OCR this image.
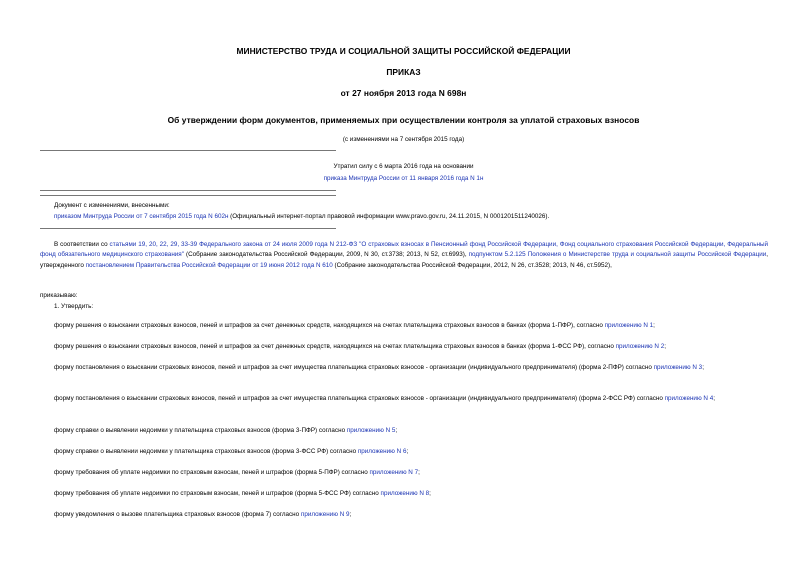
МИНИСТЕРСТВО ТРУДА И СОЦИАЛЬНОЙ ЗАЩИТЫ РОССИЙСКОЙ ФЕДЕРАЦИИ
ПРИКАЗ
от 27 ноября 2013 года N 698н
Об утверждении форм документов, применяемых при осуществлении контроля за уплатой страховых взносов
(с изменениями на 7 сентября 2015 года)
Утратил силу с 6 марта 2016 года на основании
приказа Минтруда России от 11 января 2016 года N 1н
Документ с изменениями, внесенными:
приказом Минтруда России от 7 сентября 2015 года N 602н (Официальный интернет-портал правовой информации www.pravo.gov.ru, 24.11.2015, N 0001201511240026).
В соответствии со статьями 19, 20, 22, 29, 33-39 Федерального закона от 24 июля 2009 года N 212-ФЗ "О страховых взносах в Пенсионный фонд Российской Федерации, Фонд социального страхования Российской Федерации, Федеральный фонд обязательного медицинского страхования" (Собрание законодательства Российской Федерации, 2009, N 30, ст.3738; 2013, N 52, ст.6993), подпунктом 5.2.125 Положения о Министерстве труда и социальной защиты Российской Федерации, утвержденного постановлением Правительства Российской Федерации от 19 июня 2012 года N 610 (Собрание законодательства Российской Федерации, 2012, N 26, ст.3528; 2013, N 46, ст.5952),
приказываю:
1. Утвердить:
форму решения о взыскании страховых взносов, пеней и штрафов за счет денежных средств, находящихся на счетах плательщика страховых взносов в банках (форма 1-ПФР), согласно приложению N 1;
форму решения о взыскании страховых взносов, пеней и штрафов за счет денежных средств, находящихся на счетах плательщика страховых взносов в банках (форма 1-ФСС РФ), согласно приложению N 2;
форму постановления о взыскании страховых взносов, пеней и штрафов за счет имущества плательщика страховых взносов - организации (индивидуального предпринимателя) (форма 2-ПФР) согласно приложению N 3;
форму постановления о взыскании страховых взносов, пеней и штрафов за счет имущества плательщика страховых взносов - организации (индивидуального предпринимателя) (форма 2-ФСС РФ) согласно приложению N 4;
форму справки о выявлении недоимки у плательщика страховых взносов (форма 3-ПФР) согласно приложению N 5;
форму справки о выявлении недоимки у плательщика страховых взносов (форма 3-ФСС РФ) согласно приложению N 6;
форму требования об уплате недоимки по страховым взносам, пеней и штрафов (форма 5-ПФР) согласно приложению N 7;
форму требования об уплате недоимки по страховым взносам, пеней и штрафов (форма 5-ФСС РФ) согласно приложению N 8;
форму уведомления о вызове плательщика страховых взносов (форма 7) согласно приложению N 9;
